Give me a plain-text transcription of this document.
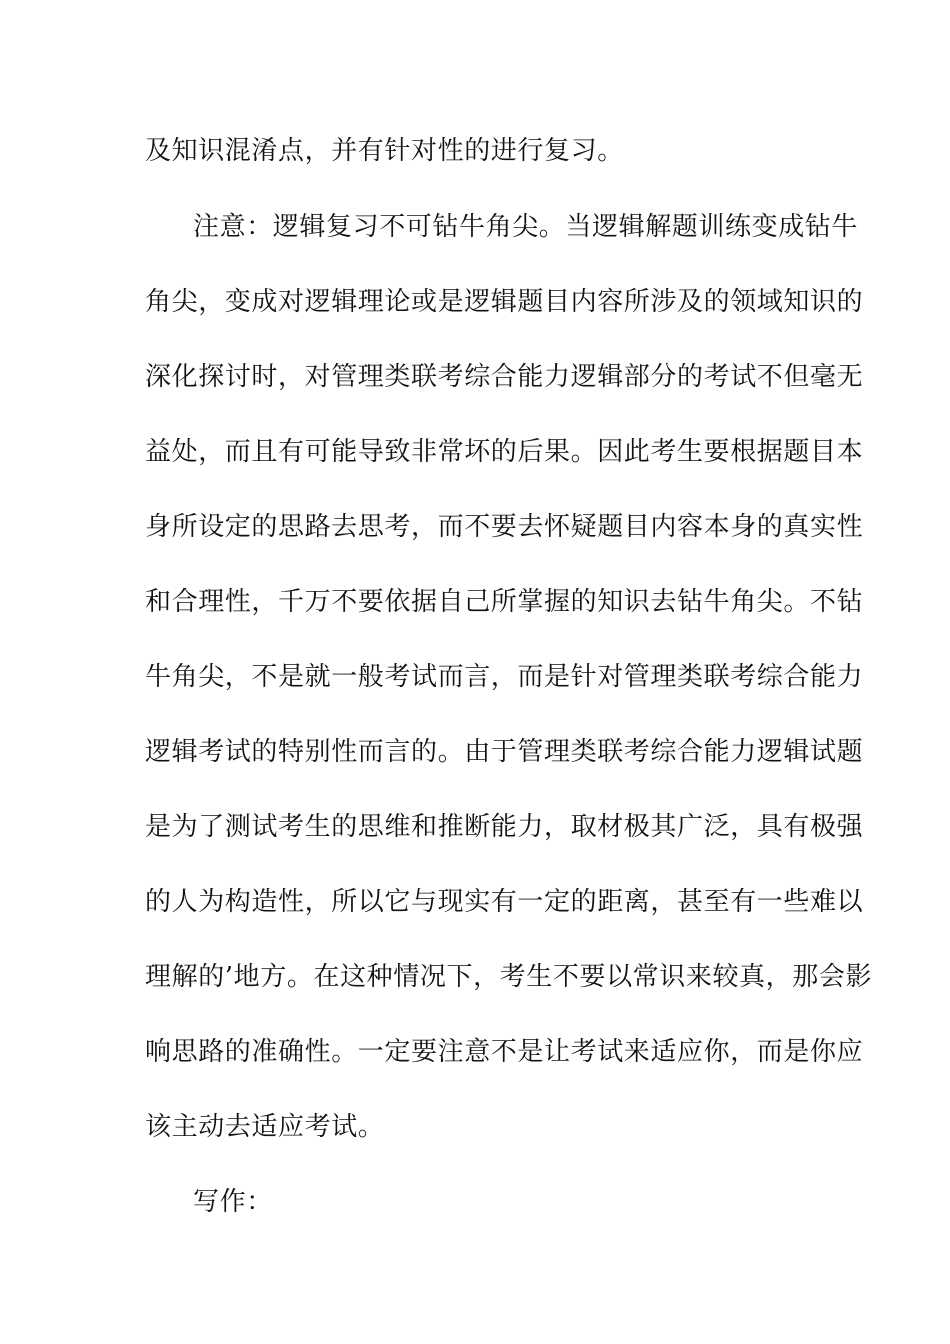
及知识混淆点，并有针对性的进行复习。
注意：逻辑复习不可钻牛角尖。当逻辑解题训练变成钻牛
角尖，变成对逻辑理论或是逻辑题目内容所涉及的领域知识的
深化探讨时，对管理类联考综合能力逻辑部分的考试不但毫无
益处，而且有可能导致非常坏的后果。因此考生要根据题目本
身所设定的思路去思考，而不要去怀疑题目内容本身的真实性
和合理性，千万不要依据自己所掌握的知识去钻牛角尖。不钻
牛角尖，不是就一般考试而言，而是针对管理类联考综合能力
逻辑考试的特别性而言的。由于管理类联考综合能力逻辑试题
是为了测试考生的思维和推断能力，取材极其广泛，具有极强
的人为构造性，所以它与现实有一定的距离，甚至有一些难以
理解的’地方。在这种情况下，考生不要以常识来较真，那会影
响思路的准确性。一定要注意不是让考试来适应你，而是你应
该主动去适应考试。
写作：
